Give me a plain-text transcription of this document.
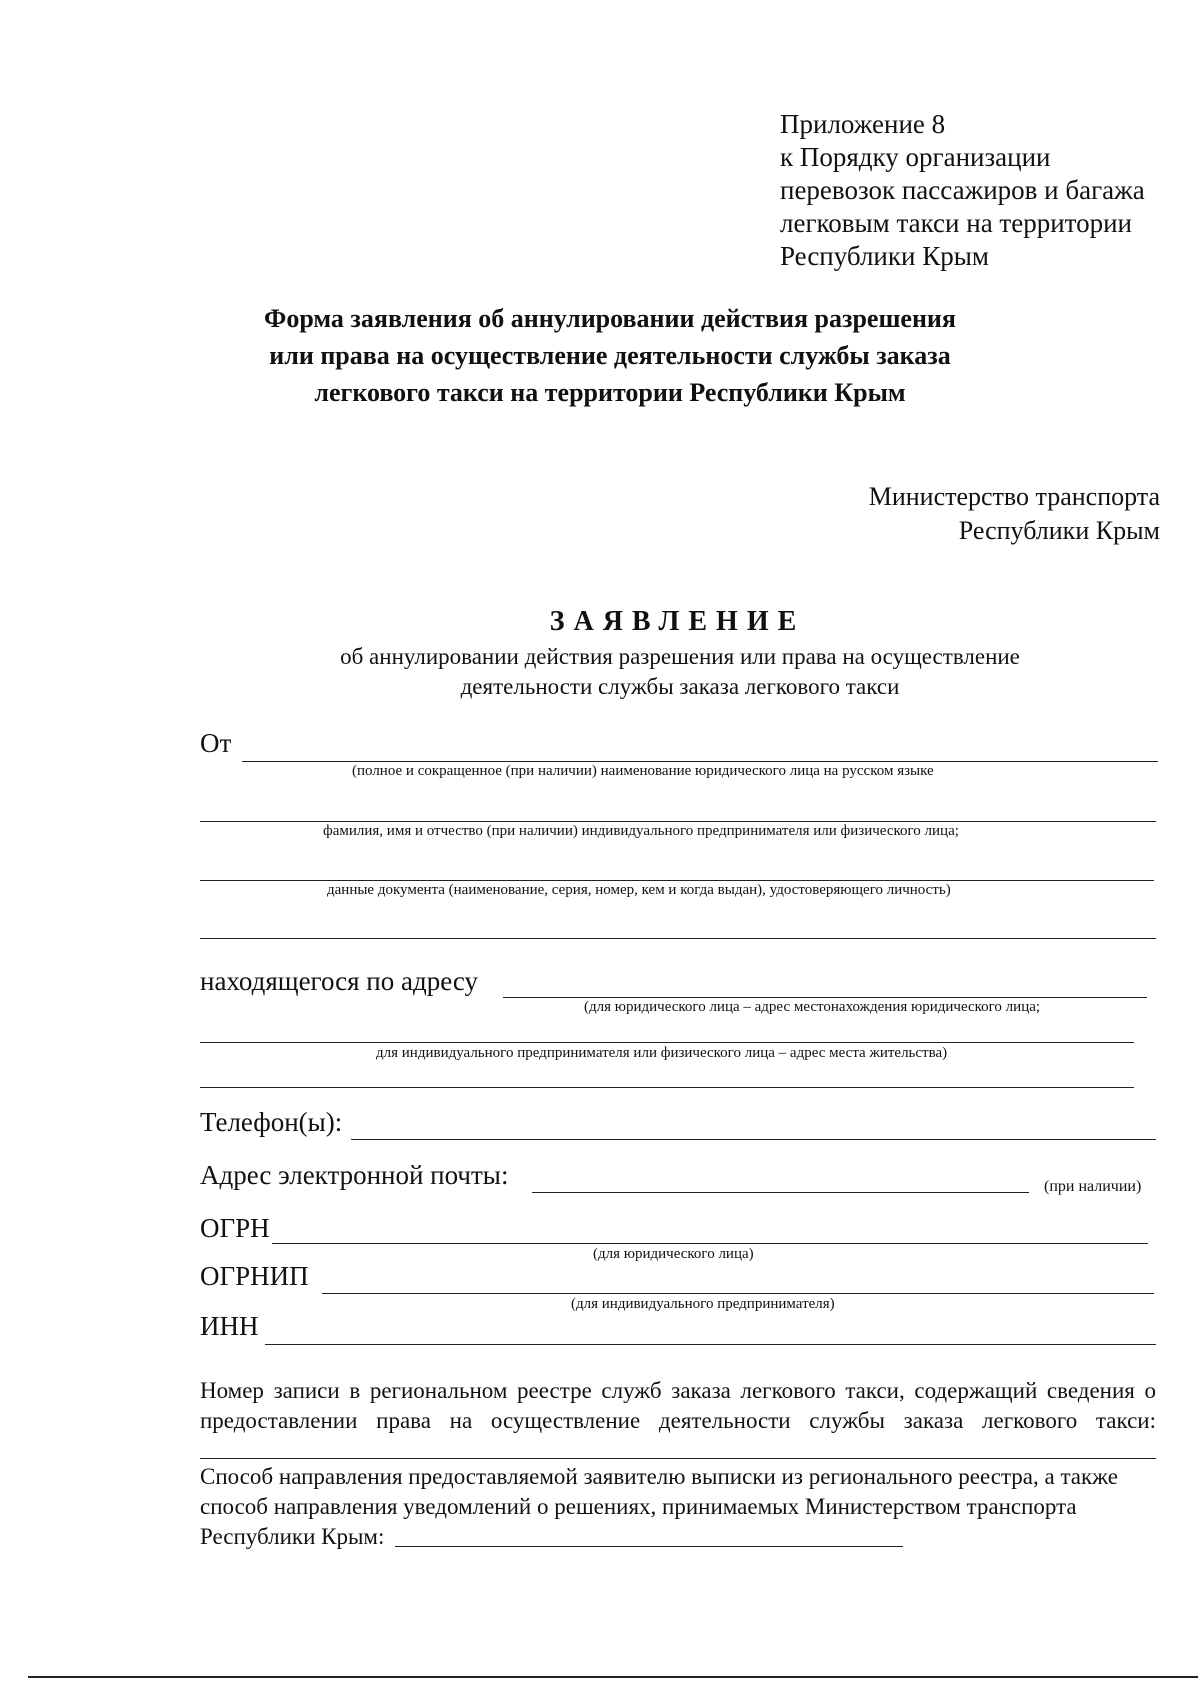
Приложение 8
к Порядку организации
перевозок пассажиров и багажа
легковым такси на территории
Республики Крым
Форма заявления об аннулировании действия разрешения
или права на осуществление деятельности службы заказа
легкового такси на территории Республики Крым
Министерство транспорта
Республики Крым
ЗАЯВЛЕНИЕ
об аннулировании действия разрешения или права на осуществление
деятельности службы заказа легкового такси
От
(полное и сокращенное (при наличии) наименование юридического лица на русском языке
фамилия, имя и отчество (при наличии) индивидуального предпринимателя или физического лица;
данные документа (наименование, серия, номер, кем и когда выдан), удостоверяющего личность)
находящегося по адресу
(для юридического лица – адрес местонахождения юридического лица;
для индивидуального предпринимателя или физического лица – адрес места жительства)
Телефон(ы):
Адрес электронной почты:	(при наличии)
ОГРН
(для юридического лица)
ОГРНИП
(для индивидуального предпринимателя)
ИНН
Номер записи в региональном реестре служб заказа легкового такси, содержащий сведения о
предоставлении права на осуществление деятельности службы заказа легкового такси:
Способ направления предоставляемой заявителю выписки из регионального реестра, а также
способ направления уведомлений о решениях, принимаемых Министерством транспорта
Республики Крым:
